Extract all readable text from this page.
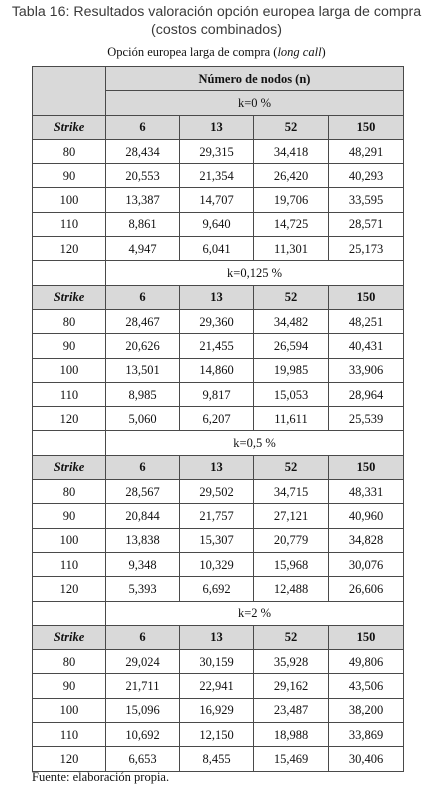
Tabla 16: Resultados valoración opción europea larga de compra
(costos combinados)
Opción europea larga de compra (long call)
	Número de nodos (n)			
	k=0 %			
Strike	6	13	52	150
80	28,434	29,315	34,418	48,291
90	20,553	21,354	26,420	40,293
100	13,387	14,707	19,706	33,595
110	8,861	9,640	14,725	28,571
120	4,947	6,041	11,301	25,173
	k=0,125 %			
Strike	6	13	52	150
80	28,467	29,360	34,482	48,251
90	20,626	21,455	26,594	40,431
100	13,501	14,860	19,985	33,906
110	8,985	9,817	15,053	28,964
120	5,060	6,207	11,611	25,539
	k=0,5 %			
Strike	6	13	52	150
80	28,567	29,502	34,715	48,331
90	20,844	21,757	27,121	40,960
100	13,838	15,307	20,779	34,828
110	9,348	10,329	15,968	30,076
120	5,393	6,692	12,488	26,606
	k=2 %			
Strike	6	13	52	150
80	29,024	30,159	35,928	49,806
90	21,711	22,941	29,162	43,506
100	15,096	16,929	23,487	38,200
110	10,692	12,150	18,988	33,869
120	6,653	8,455	15,469	30,406
Fuente: elaboración propia.
